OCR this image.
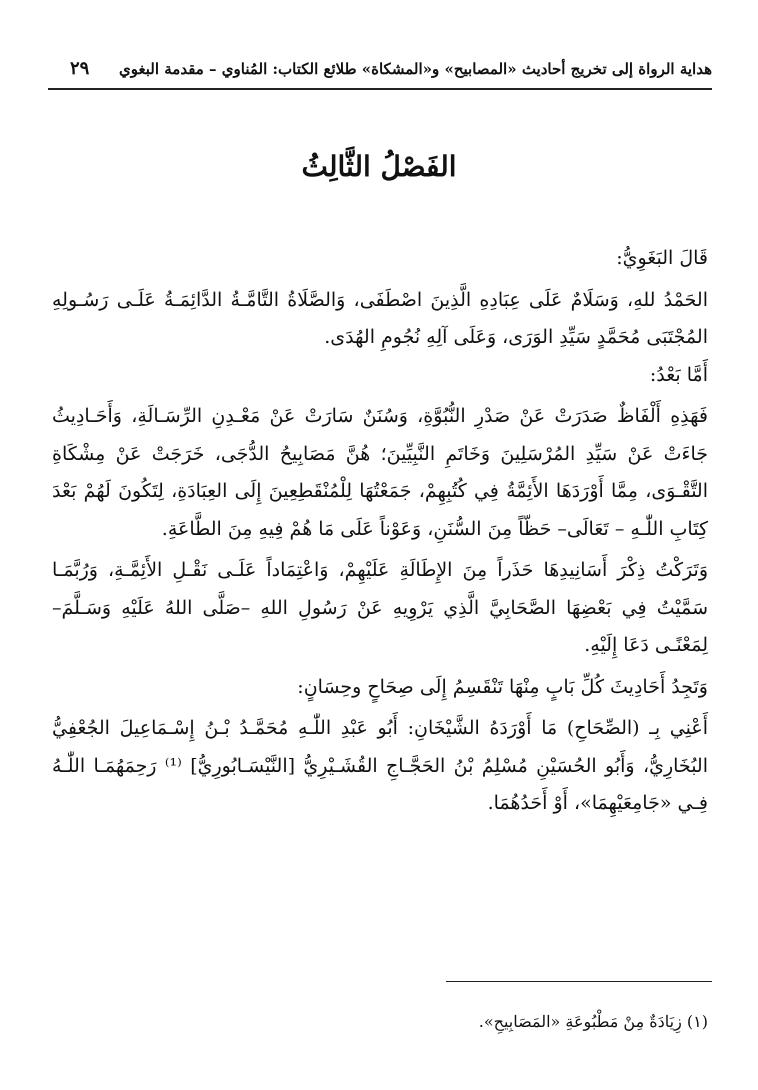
هداية الرواة إلى تخريج أحاديث «المصابيح» و«المشكاة» طلائع الكتاب: المُناوي – مقدمة البغوي
٢٩
الفَصْلُ الثَّالِثُ

قَالَ البَغَوِيُّ:

الحَمْدُ للهِ، وَسَلَامٌ عَلَى عِبَادِهِ الَّذِينَ اصْطَفَى، وَالصَّلَاةُ التَّامَّـةُ الدَّائِمَـةُ عَلَـى رَسُـولِهِ المُجْتَبَى مُحَمَّدٍ سَيِّدِ الوَرَى، وَعَلَى آلِهِ نُجُومِ الهُدَى.

أَمَّا بَعْدُ:

فَهَذِهِ أَلْفَاظٌ صَدَرَتْ عَنْ صَدْرِ النُّبُوَّةِ، وَسُنَنٌ سَارَتْ عَنْ مَعْـدِنِ الرِّسَـالَةِ، وَأَحَـادِيثُ جَاءَتْ عَنْ سَيِّدِ المُرْسَلِينَ وَخَاتَمِ النَّبِيِّينَ؛ هُنَّ مَصَابِيحُ الدُّجَى، خَرَجَتْ عَنْ مِشْكَاةِ التَّقْـوَى، مِمَّا أَوْرَدَهَا الأَئِمَّةُ فِي كُتُبِهِمْ، جَمَعْتُهَا لِلْمُنْقَطِعِينَ إِلَى العِبَادَةِ، لِتَكُونَ لَهُمْ بَعْدَ كِتَابِ اللّٰـهِ – تَعَالَى– حَظّاً مِنَ السُّنَنِ، وَعَوْناً عَلَى مَا هُمْ فِيهِ مِنَ الطَّاعَةِ.

وَتَرَكْتُ ذِكْرَ أَسَانِيدِهَا حَذَراً مِنَ الإِطَالَةِ عَلَيْهِمْ، وَاعْتِمَاداً عَلَـى نَقْـلِ الأَئِمَّـةِ، وَرُبَّمَـا سَمَّيْتُ فِي بَعْضِهَا الصَّحَابِيَّ الَّذِي يَرْوِيهِ عَنْ رَسُولِ اللهِ –صَلَّى اللهُ عَلَيْهِ وَسَـلَّمَ– لِمَعْنًـى دَعَا إِلَيْهِ.

وَتَجِدُ أَحَادِيثَ كُلِّ بَابٍ مِنْهَا تَنْقَسِمُ إِلَى صِحَاحٍ وحِسَانٍ:

أَعْنِي بِـ (الصِّحَاحِ) مَا أَوْرَدَهُ الشَّيْخَانِ: أَبُو عَبْدِ اللّٰـهِ مُحَمَّـدُ بْـنُ إِسْـمَاعِيلَ الجُعْفِيُّ البُخَارِيُّ، وَأَبُو الحُسَيْنِ مُسْلِمُ بْنُ الحَجَّـاجِ القُشَـيْرِيُّ [النَّيْسَـابُورِيُّ] ⁽¹⁾ رَحِمَهُمَـا اللّٰـهُ فِـي «جَامِعَيْهِمَا»، أَوْ أَحَدُهُمَا.

(١) زِيَادَةٌ مِنْ مَطْبُوعَةِ «المَصَابِيحِ».
